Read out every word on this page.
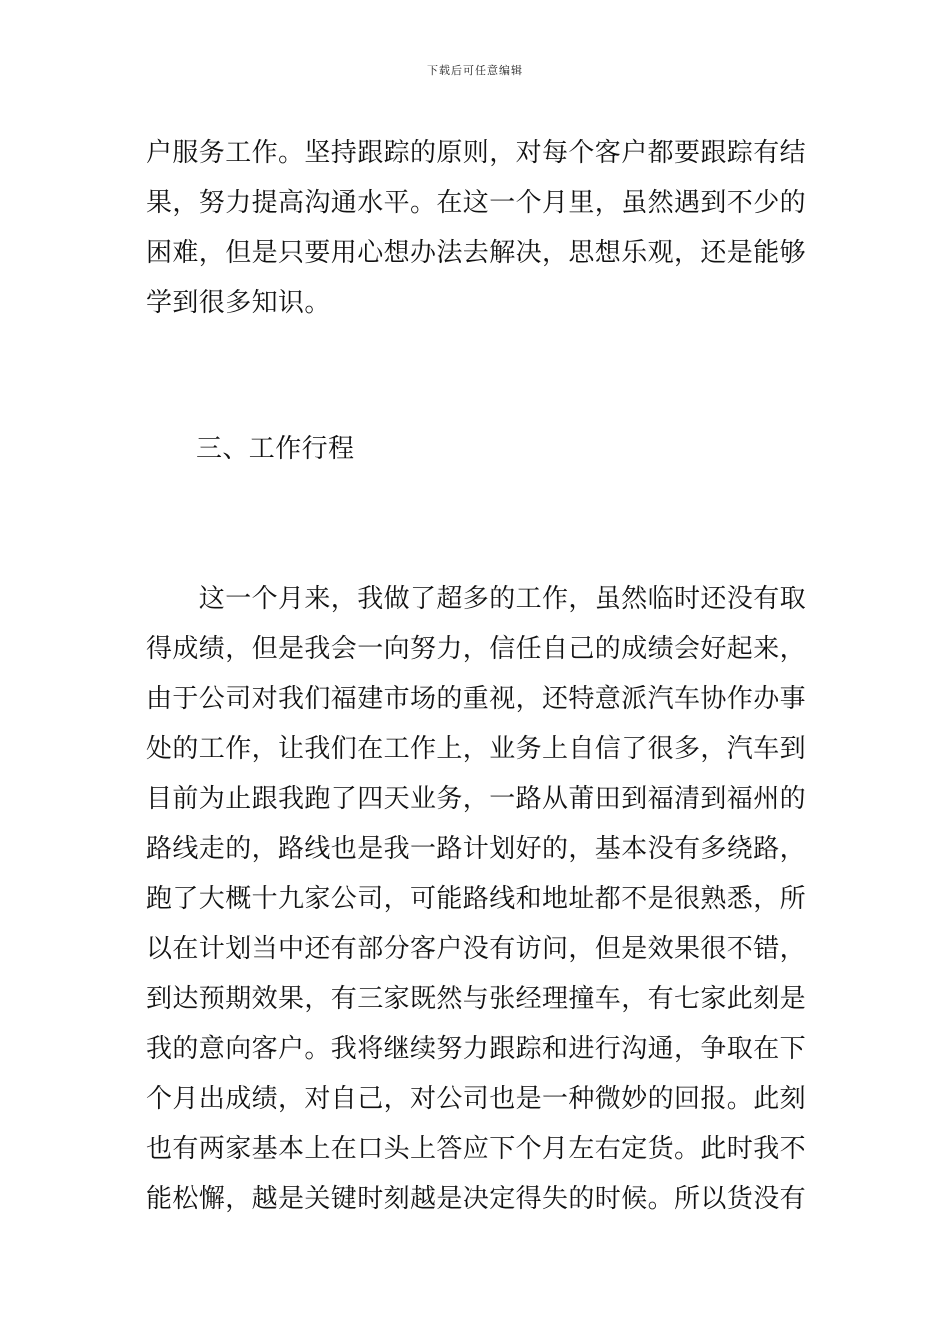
下载后可任意编辑
户服务工作。坚持跟踪的原则，对每个客户都要跟踪有结
果，努力提高沟通水平。在这一个月里，虽然遇到不少的
困难，但是只要用心想办法去解决，思想乐观，还是能够
学到很多知识。
三、工作行程
　　这一个月来，我做了超多的工作，虽然临时还没有取
得成绩，但是我会一向努力，信任自己的成绩会好起来，
由于公司对我们福建市场的重视，还特意派汽车协作办事
处的工作，让我们在工作上，业务上自信了很多，汽车到
目前为止跟我跑了四天业务，一路从莆田到福清到福州的
路线走的，路线也是我一路计划好的，基本没有多绕路，
跑了大概十九家公司，可能路线和地址都不是很熟悉，所
以在计划当中还有部分客户没有访问，但是效果很不错，
到达预期效果，有三家既然与张经理撞车，有七家此刻是
我的意向客户。我将继续努力跟踪和进行沟通，争取在下
个月出成绩，对自己，对公司也是一种微妙的回报。此刻
也有两家基本上在口头上答应下个月左右定货。此时我不
能松懈，越是关键时刻越是决定得失的时候。所以货没有
